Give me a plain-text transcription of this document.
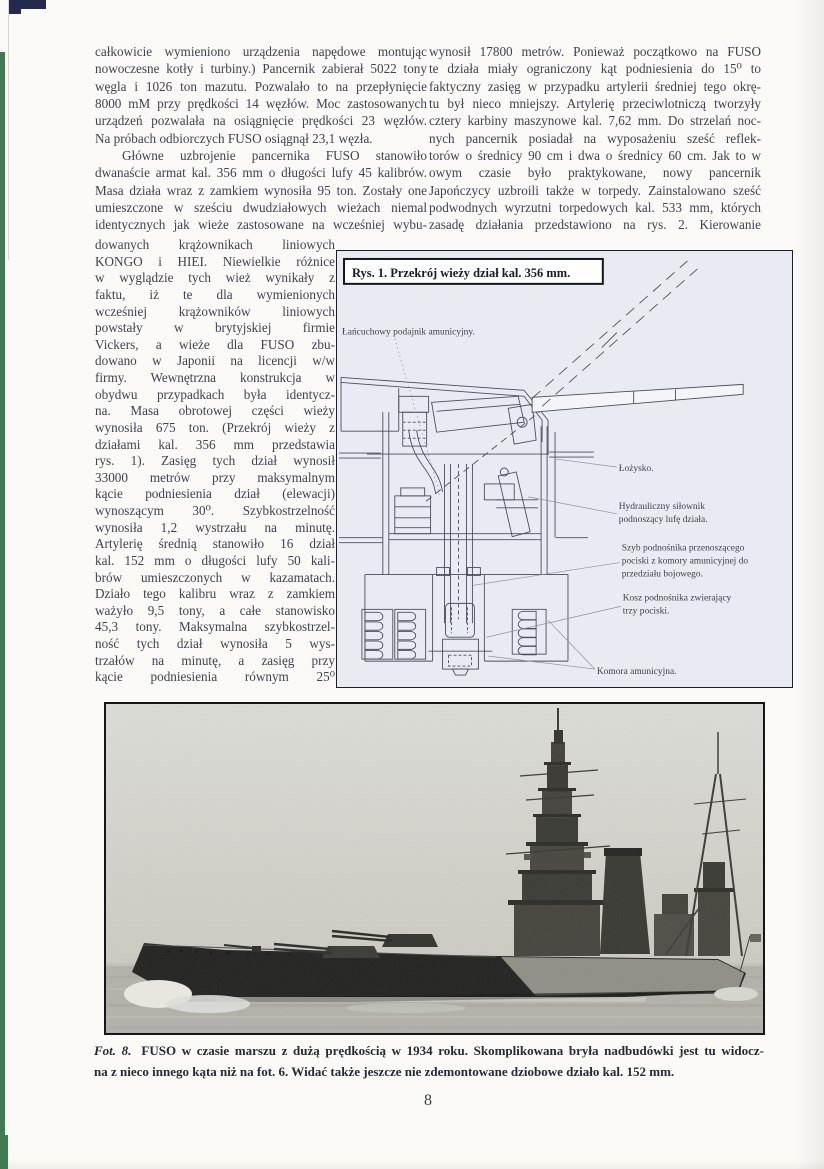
całkowicie wymieniono urządzenia napędowe montując
nowoczesne kotły i turbiny.) Pancernik zabierał 5022 tony
węgla i 1026 ton mazutu. Pozwalało to na przepłynięcie
8000 mM przy prędkości 14 węzłów. Moc zastosowanych
urządzeń pozwalała na osiągnięcie prędkości 23 węzłów.
Na próbach odbiorczych FUSO osiągnął 23,1 węzła.
Główne uzbrojenie pancernika FUSO stanowiło
dwanaście armat kal. 356 mm o długości lufy 45 kalibrów.
Masa działa wraz z zamkiem wynosiła 95 ton. Zostały one
umieszczone w sześciu dwudziałowych wieżach niemal
identycznych jak wieże zastosowane na wcześniej wybu-
wynosił 17800 metrów. Ponieważ początkowo na FUSO
te działa miały ograniczony kąt podniesienia do 15⁰ to
faktyczny zasięg w przypadku artylerii średniej tego okrę-
tu był nieco mniejszy. Artylerię przeciwlotniczą tworzyły
cztery karbiny maszynowe kal. 7,62 mm. Do strzelań noc-
nych pancernik posiadał na wyposażeniu sześć reflek-
torów o średnicy 90 cm i dwa o średnicy 60 cm. Jak to w
owym czasie było praktykowane, nowy pancernik
Japończycy uzbroili także w torpedy. Zainstalowano sześć
podwodnych wyrzutni torpedowych kal. 533 mm, których
zasadę działania przedstawiono na rys. 2. Kierowanie
dowanych krążownikach liniowych
KONGO i HIEI. Niewielkie różnice
w wyglądzie tych wież wynikały z
faktu, iż te dla wymienionych
wcześniej krążowników liniowych
powstały w brytyjskiej firmie
Vickers, a wieże dla FUSO zbu-
dowano w Japonii na licencji w/w
firmy. Wewnętrzna konstrukcja w
obydwu przypadkach była identycz-
na. Masa obrotowej części wieży
wynosiła 675 ton. (Przekrój wieży z
działami kal. 356 mm przedstawia
rys. 1). Zasięg tych dział wynosił
33000 metrów przy maksymalnym
kącie podniesienia dział (elewacji)
wynoszącym 30⁰. Szybkostrzelność
wynosiła 1,2 wystrzału na minutę.
Artylerię średnią stanowiło 16 dział
kal. 152 mm o długości lufy 50 kali-
brów umieszczonych w kazamatach.
Działo tego kalibru wraz z zamkiem
ważyło 9,5 tony, a całe stanowisko
45,3 tony. Maksymalna szybkostrzel-
ność tych dział wynosiła 5 wys-
trzałów na minutę, a zasięg przy
kącie podniesienia równym 25⁰
Rys. 1. Przekrój wieży dział kal. 356 mm.
Łańcuchowy podajnik amunicyjny.
Łożysko.
Hydrauliczny siłownik
podnoszący lufę działa.
Szyb podnośnika przenoszącego
pociski z komory amunicyjnej do
przedziału bojowego.
Kosz podnośnika zwierający
trzy pociski.
Komora amunicyjna.

Fot. 8. FUSO w czasie marszu z dużą prędkością w 1934 roku. Skomplikowana bryła nadbudówki jest tu widocz-
na z nieco innego kąta niż na fot. 6. Widać także jeszcze nie zdemontowane dziobowe działo kal. 152 mm.

8
